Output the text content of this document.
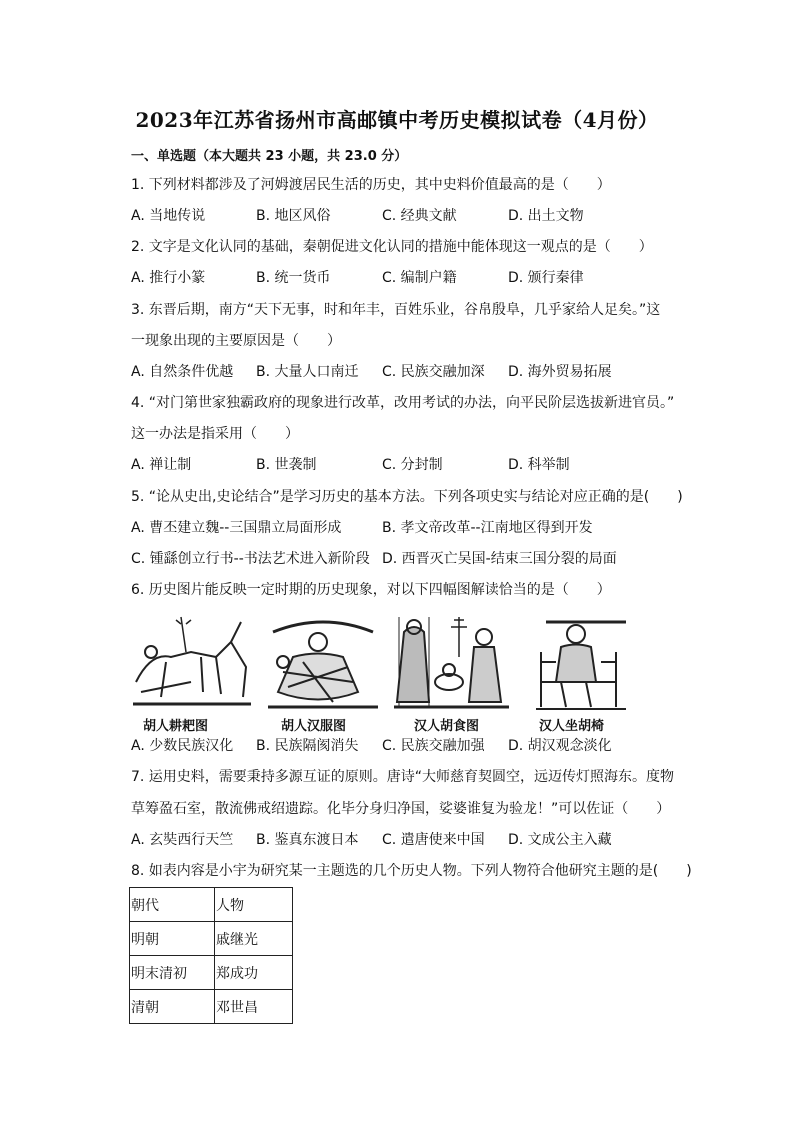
2023年江苏省扬州市高邮镇中考历史模拟试卷（4月份）
一、单选题（本大题共 23 小题，共 23.0 分）
1. 下列材料都涉及了河姆渡居民生活的历史，其中史料价值最高的是（　　）
A. 当地传说	B. 地区风俗	C. 经典文献	D. 出土文物
2. 文字是文化认同的基础，秦朝促进文化认同的措施中能体现这一观点的是（　　）
A. 推行小篆	B. 统一货币	C. 编制户籍	D. 颁行秦律
3. 东晋后期，南方“天下无事，时和年丰，百姓乐业，谷帛殷阜，几乎家给人足矣。”这
一现象出现的主要原因是（　　）
A. 自然条件优越 B. 大量人口南迁 C. 民族交融加深 D. 海外贸易拓展
4. “对门第世家独霸政府的现象进行改革，改用考试的办法，向平民阶层选拔新进官员。”
这一办法是指采用（　　）
A. 禅让制	B. 世袭制	C. 分封制	D. 科举制
5. “论从史出,史论结合”是学习历史的基本方法。下列各项史实与结论对应正确的是(　　)
A. 曹丕建立魏--三国鼎立局面形成	B. 孝文帝改革--江南地区得到开发
C. 锺繇创立行书--书法艺术进入新阶段 D. 西晋灭亡吴国-结束三国分裂的局面
6. 历史图片能反映一定时期的历史现象，对以下四幅图解读恰当的是（　　）
胡人耕耙图	胡人汉服图	汉人胡食图	汉人坐胡椅
A. 少数民族汉化 B. 民族隔阂消失 C. 民族交融加强 D. 胡汉观念淡化
7. 运用史料，需要秉持多源互证的原则。唐诗“大师慈育契圆空，远迈传灯照海东。度物
草筹盈石室，散流佛戒绍遗踪。化毕分身归净国，娑婆谁复为验龙！”可以佐证（　　）
A. 玄奘西行天竺 B. 鉴真东渡日本 C. 遣唐使来中国 D. 文成公主入藏
8. 如表内容是小宇为研究某一主题选的几个历史人物。下列人物符合他研究主题的是(　　)
朝代	人物
明朝	戚继光
明末清初	郑成功
清朝	邓世昌
